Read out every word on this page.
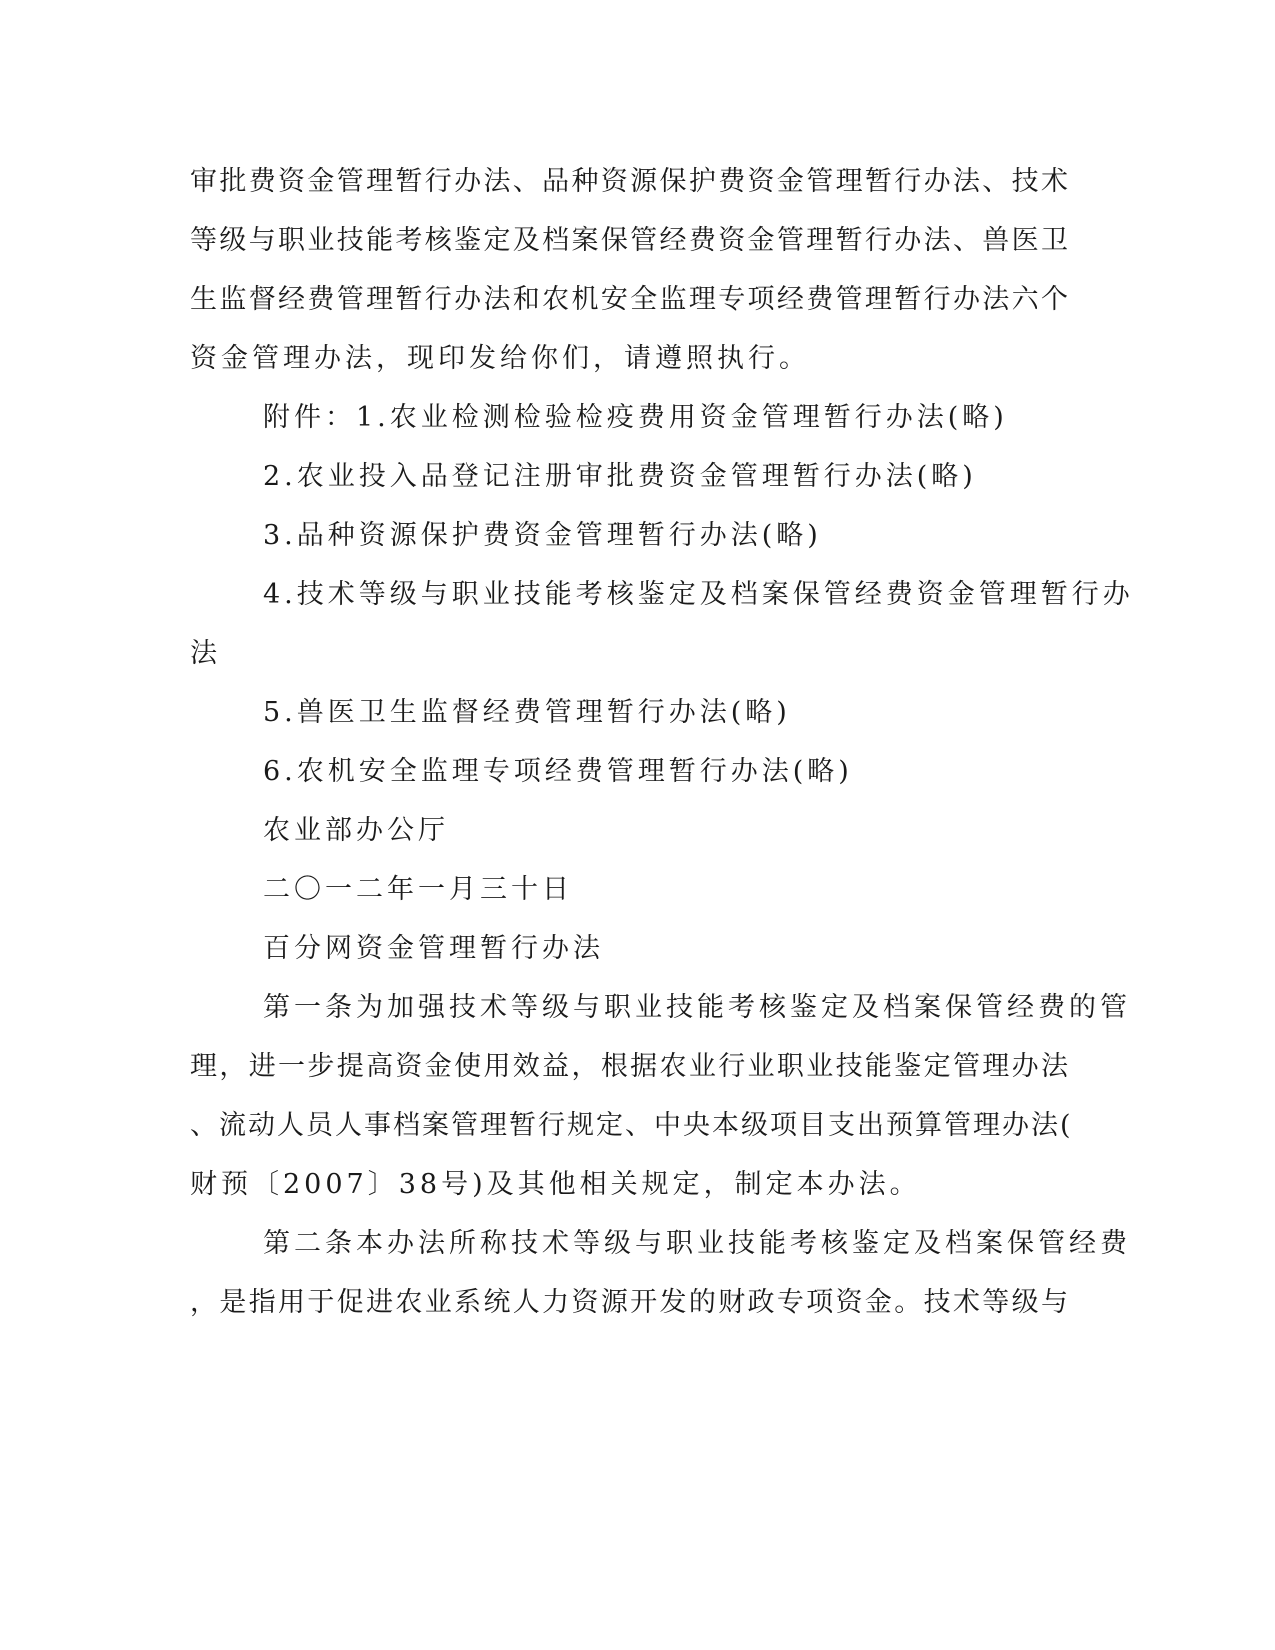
审批费资金管理暂行办法、品种资源保护费资金管理暂行办法、技术
等级与职业技能考核鉴定及档案保管经费资金管理暂行办法、兽医卫
生监督经费管理暂行办法和农机安全监理专项经费管理暂行办法六个
资金管理办法，现印发给你们，请遵照执行。
附件：1.农业检测检验检疫费用资金管理暂行办法(略)
2.农业投入品登记注册审批费资金管理暂行办法(略)
3.品种资源保护费资金管理暂行办法(略)
4.技术等级与职业技能考核鉴定及档案保管经费资金管理暂行办
法
5.兽医卫生监督经费管理暂行办法(略)
6.农机安全监理专项经费管理暂行办法(略)
农业部办公厅
二〇一二年一月三十日
百分网资金管理暂行办法
第一条为加强技术等级与职业技能考核鉴定及档案保管经费的管
理，进一步提高资金使用效益，根据农业行业职业技能鉴定管理办法
、流动人员人事档案管理暂行规定、中央本级项目支出预算管理办法(
财预〔2007〕38号)及其他相关规定，制定本办法。
第二条本办法所称技术等级与职业技能考核鉴定及档案保管经费
，是指用于促进农业系统人力资源开发的财政专项资金。技术等级与
